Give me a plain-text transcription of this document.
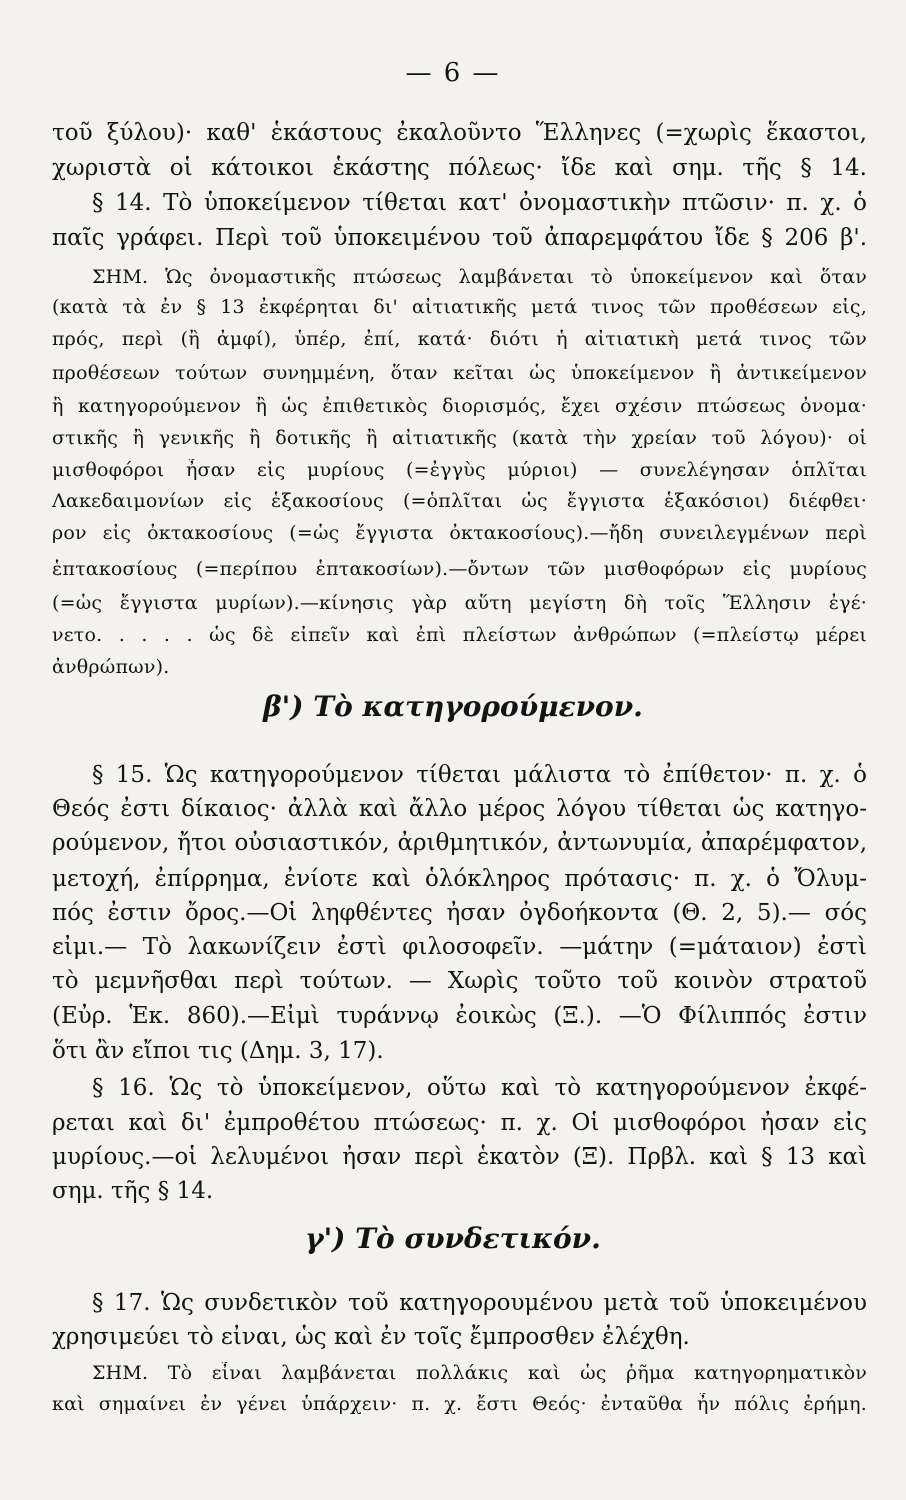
— 6 —
τοῦ ξύλου)· καθ' ἑκάστους ἐκαλοῦντο Ἕλληνες (=χωρὶς ἕκαστοι,
χωριστὰ οἱ κάτοικοι ἑκάστης πόλεως· ἴδε καὶ σημ. τῆς § 14.
§ 14. Τὸ ὑποκείμενον τίθεται κατ' ὀνομαστικὴν πτῶσιν· π. χ. ὁ
παῖς γράφει. Περὶ τοῦ ὑποκειμένου τοῦ ἀπαρεμφάτου ἴδε § 206 β'.
ΣΗΜ. Ὡς ὀνομαστικῆς πτώσεως λαμβάνεται τὸ ὑποκείμενον καὶ ὅταν
(κατὰ τὰ ἐν § 13 ἐκφέρηται δι' αἰτιατικῆς μετά τινος τῶν προθέσεων εἰς,
πρός, περὶ (ἢ ἀμφί), ὑπέρ, ἐπί, κατά· διότι ἡ αἰτιατικὴ μετά τινος τῶν
προθέσεων τούτων συνημμένη, ὅταν κεῖται ὡς ὑποκείμενον ἢ ἀντικείμενον
ἢ κατηγορούμενον ἢ ὡς ἐπιθετικὸς διορισμός, ἔχει σχέσιν πτώσεως ὀνομα·
στικῆς ἢ γενικῆς ἢ δοτικῆς ἢ αἰτιατικῆς (κατὰ τὴν χρείαν τοῦ λόγου)· οἱ
μισθοφόροι ἦσαν εἰς μυρίους (=ἐγγὺς μύριοι) — συνελέγησαν ὁπλῖται
Λακεδαιμονίων εἰς ἑξακοσίους (=ὁπλῖται ὡς ἔγγιστα ἑξακόσιοι) διέφθει·
ρον εἰς ὀκτακοσίους (=ὡς ἔγγιστα ὀκτακοσίους).—ἤδη συνειλεγμένων περὶ
ἑπτακοσίους (=περίπου ἑπτακοσίων).—ὄντων τῶν μισθοφόρων εἰς μυρίους
(=ὡς ἔγγιστα μυρίων).—κίνησις γὰρ αὕτη μεγίστη δὴ τοῖς Ἕλλησιν ἐγέ·
νετο. . . . . ὡς δὲ εἰπεῖν καὶ ἐπὶ πλείστων ἀνθρώπων (=πλείστῳ μέρει
ἀνθρώπων).
β') Τὸ κατηγορούμενον.
§ 15. Ὡς κατηγορούμενον τίθεται μάλιστα τὸ ἐπίθετον· π. χ. ὁ
Θεός ἐστι δίκαιος· ἀλλὰ καὶ ἄλλο μέρος λόγου τίθεται ὡς κατηγο-
ρούμενον, ἤτοι οὐσιαστικόν, ἀριθμητικόν, ἀντωνυμία, ἀπαρέμφατον,
μετοχή, ἐπίρρημα, ἐνίοτε καὶ ὁλόκληρος πρότασις· π. χ. ὁ Ὄλυμ-
πός ἐστιν ὄρος.—Οἱ ληφθέντες ἦσαν ὀγδοήκοντα (Θ. 2, 5).— σός
εἰμι.— Τὸ λακωνίζειν ἐστὶ φιλοσοφεῖν. —μάτην (=μάταιον) ἐστὶ
τὸ μεμνῆσθαι περὶ τούτων. — Χωρὶς τοῦτο τοῦ κοινὸν στρατοῦ
(Εὐρ. Ἑκ. 860).—Εἰμὶ τυράννῳ ἐοικὼς (Ξ.). —Ὁ Φίλιππός ἐστιν
ὅτι ἂν εἴποι τις (Δημ. 3, 17).
§ 16. Ὡς τὸ ὑποκείμενον, οὕτω καὶ τὸ κατηγορούμενον ἐκφέ-
ρεται καὶ δι' ἐμπροθέτου πτώσεως· π. χ. Οἱ μισθοφόροι ἦσαν εἰς
μυρίους.—οἱ λελυμένοι ἦσαν περὶ ἑκατὸν (Ξ). Πρβλ. καὶ § 13 καὶ
σημ. τῆς § 14.
γ') Τὸ συνδετικόν.
§ 17. Ὡς συνδετικὸν τοῦ κατηγορουμένου μετὰ τοῦ ὑποκειμένου
χρησιμεύει τὸ εἶναι, ὡς καὶ ἐν τοῖς ἔμπροσθεν ἐλέχθη.
ΣΗΜ. Τὸ εἶναι λαμβάνεται πολλάκις καὶ ὡς ῥῆμα κατηγορηματικὸν
καὶ σημαίνει ἐν γένει ὑπάρχειν· π. χ. ἔστι Θεός· ἐνταῦθα ἦν πόλις ἐρήμη.
